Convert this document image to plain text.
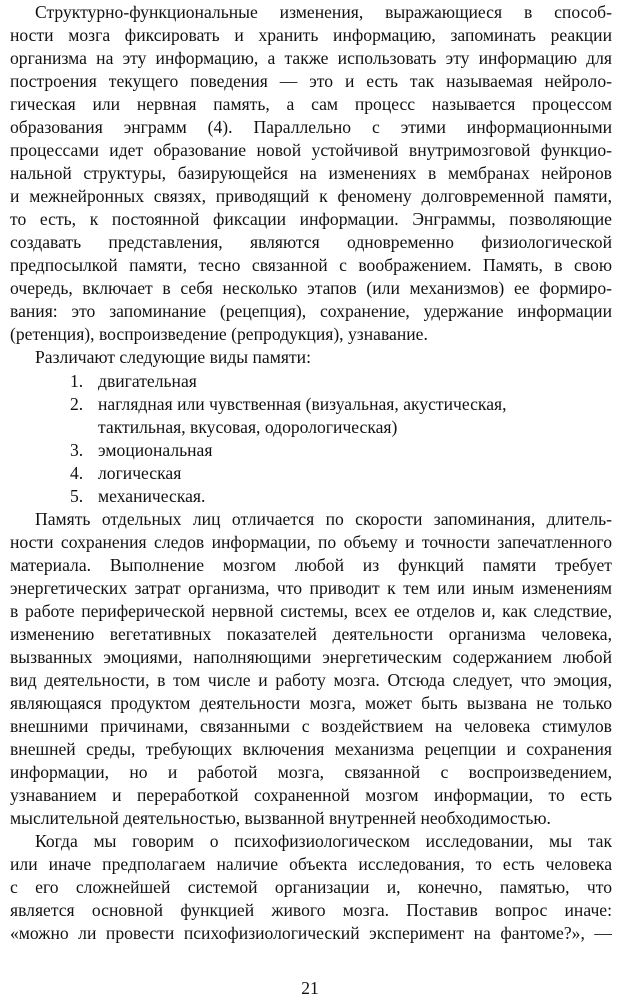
Структурно-функциональные изменения, выражающиеся в способ-
ности мозга фиксировать и хранить информацию, запоминать реакции
организма на эту информацию, а также использовать эту информацию для
построения текущего поведения — это и есть так называемая нейроло-
гическая или нервная память, а сам процесс называется процессом
образования энграмм (4). Параллельно с этими информационными
процессами идет образование новой устойчивой внутримозговой функцио-
нальной структуры, базирующейся на изменениях в мембранах нейронов
и межнейронных связях, приводящий к феномену долговременной памяти,
то есть, к постоянной фиксации информации. Энграммы, позволяющие
создавать представления, являются одновременно физиологической
предпосылкой памяти, тесно связанной с воображением. Память, в свою
очередь, включает в себя несколько этапов (или механизмов) ее формиро-
вания: это запоминание (рецепция), сохранение, удержание информации
(ретенция), воспроизведение (репродукция), узнавание.
Различают следующие виды памяти:
1. двигательная
2. наглядная или чувственная (визуальная, акустическая,
тактильная, вкусовая, одорологическая)
3. эмоциональная
4. логическая
5. механическая.
Память отдельных лиц отличается по скорости запоминания, длитель-
ности сохранения следов информации, по объему и точности запечатленного
материала. Выполнение мозгом любой из функций памяти требует
энергетических затрат организма, что приводит к тем или иным изменениям
в работе периферической нервной системы, всех ее отделов и, как следствие,
изменению вегетативных показателей деятельности организма человека,
вызванных эмоциями, наполняющими энергетическим содержанием любой
вид деятельности, в том числе и работу мозга. Отсюда следует, что эмоция,
являющаяся продуктом деятельности мозга, может быть вызвана не только
внешними причинами, связанными с воздействием на человека стимулов
внешней среды, требующих включения механизма рецепции и сохранения
информации, но и работой мозга, связанной с воспроизведением,
узнаванием и переработкой сохраненной мозгом информации, то есть
мыслительной деятельностью, вызванной внутренней необходимостью.
Когда мы говорим о психофизиологическом исследовании, мы так
или иначе предполагаем наличие объекта исследования, то есть человека
с его сложнейшей системой организации и, конечно, памятью, что
является основной функцией живого мозга. Поставив вопрос иначе:
«можно ли провести психофизиологический эксперимент на фантоме?», —
21
